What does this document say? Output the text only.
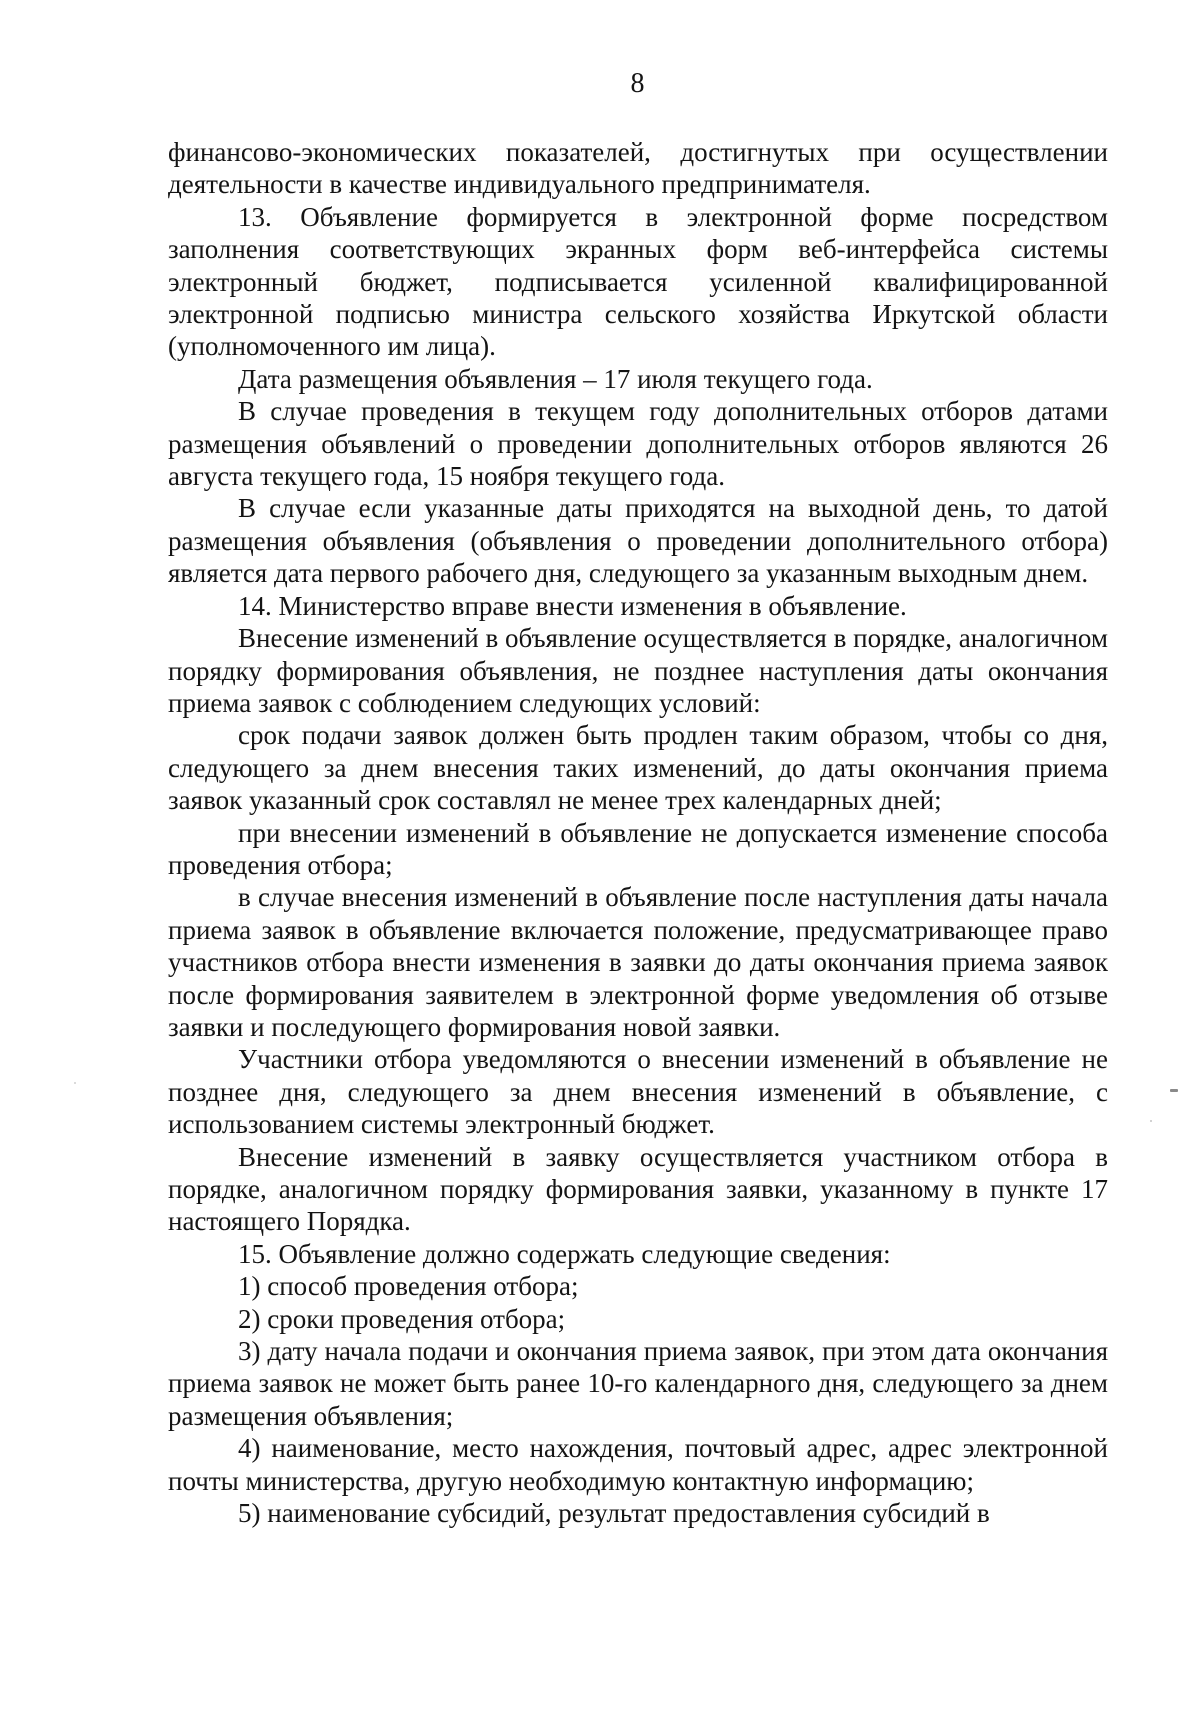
8

финансово-экономических показателей, достигнутых при осуществлении деятельности в качестве индивидуального предпринимателя.

13. Объявление формируется в электронной форме посредством заполнения соответствующих экранных форм веб-интерфейса системы электронный бюджет, подписывается усиленной квалифицированной электронной подписью министра сельского хозяйства Иркутской области (уполномоченного им лица).

Дата размещения объявления – 17 июля текущего года.

В случае проведения в текущем году дополнительных отборов датами размещения объявлений о проведении дополнительных отборов являются 26 августа текущего года, 15 ноября текущего года.

В случае если указанные даты приходятся на выходной день, то датой размещения объявления (объявления о проведении дополнительного отбора) является дата первого рабочего дня, следующего за указанным выходным днем.

14. Министерство вправе внести изменения в объявление.

Внесение изменений в объявление осуществляется в порядке, аналогичном порядку формирования объявления, не позднее наступления даты окончания приема заявок с соблюдением следующих условий:

срок подачи заявок должен быть продлен таким образом, чтобы со дня, следующего за днем внесения таких изменений, до даты окончания приема заявок указанный срок составлял не менее трех календарных дней;

при внесении изменений в объявление не допускается изменение способа проведения отбора;

в случае внесения изменений в объявление после наступления даты начала приема заявок в объявление включается положение, предусматривающее право участников отбора внести изменения в заявки до даты окончания приема заявок после формирования заявителем в электронной форме уведомления об отзыве заявки и последующего формирования новой заявки.

Участники отбора уведомляются о внесении изменений в объявление не позднее дня, следующего за днем внесения изменений в объявление, с использованием системы электронный бюджет.

Внесение изменений в заявку осуществляется участником отбора в порядке, аналогичном порядку формирования заявки, указанному в пункте 17 настоящего Порядка.

15. Объявление должно содержать следующие сведения:

1) способ проведения отбора;

2) сроки проведения отбора;

3) дату начала подачи и окончания приема заявок, при этом дата окончания приема заявок не может быть ранее 10-го календарного дня, следующего за днем размещения объявления;

4) наименование, место нахождения, почтовый адрес, адрес электронной почты министерства, другую необходимую контактную информацию;

5) наименование субсидий, результат предоставления субсидий в
